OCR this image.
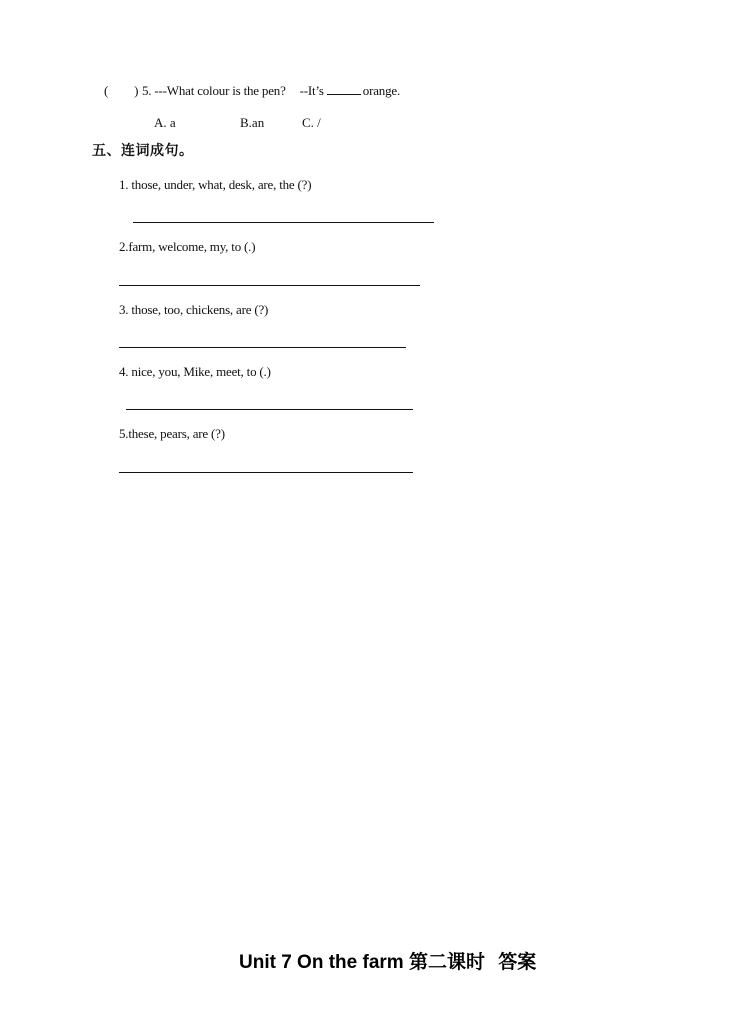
( ) 5. ---What colour is the pen? --It’s	orange.
A. a	B.an	C. /
五、连词成句。
1. those, under, what, desk, are, the (?)
2.farm, welcome, my, to (.)
3. those, too, chickens, are (?)
4. nice, you, Mike, meet, to (.)
5.these, pears, are (?)
Unit 7 On the farm 第二课时  答案
